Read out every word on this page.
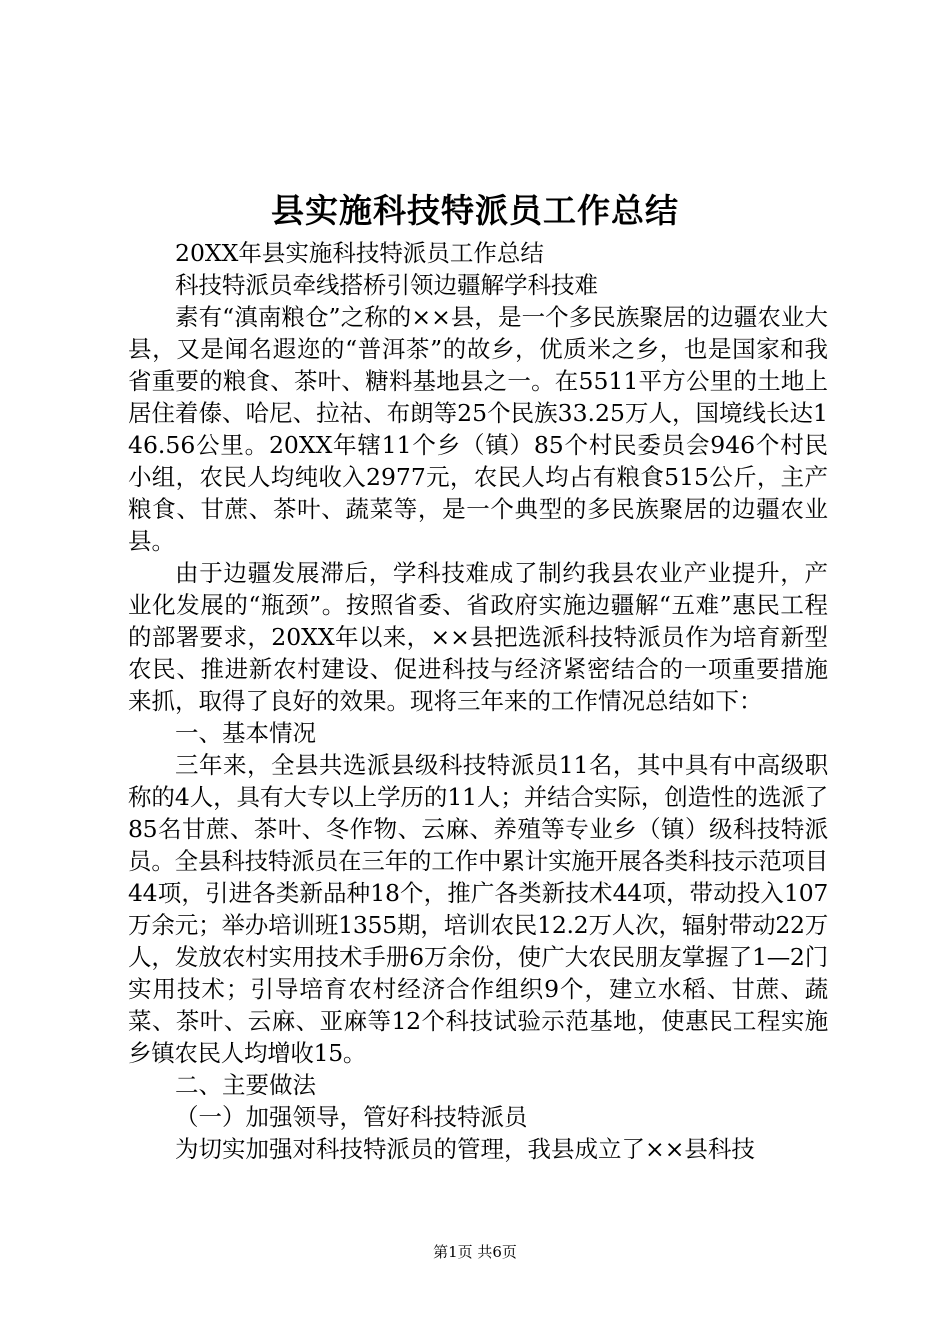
县实施科技特派员工作总结

20XX年县实施科技特派员工作总结

科技特派员牵线搭桥引领边疆解学科技难

素有“滇南粮仓”之称的××县，是一个多民族聚居的边疆农业大县，又是闻名遐迩的“普洱茶”的故乡，优质米之乡，也是国家和我省重要的粮食、茶叶、糖料基地县之一。在5511平方公里的土地上居住着傣、哈尼、拉祜、布朗等25个民族33.25万人，国境线长达146.56公里。20XX年辖11个乡（镇）85个村民委员会946个村民小组，农民人均纯收入2977元，农民人均占有粮食515公斤，主产粮食、甘蔗、茶叶、蔬菜等，是一个典型的多民族聚居的边疆农业县。

由于边疆发展滞后，学科技难成了制约我县农业产业提升，产业化发展的“瓶颈”。按照省委、省政府实施边疆解“五难”惠民工程的部署要求，20XX年以来，××县把选派科技特派员作为培育新型农民、推进新农村建设、促进科技与经济紧密结合的一项重要措施来抓，取得了良好的效果。现将三年来的工作情况总结如下：

一、基本情况

三年来，全县共选派县级科技特派员11名，其中具有中高级职称的4人，具有大专以上学历的11人；并结合实际，创造性的选派了85名甘蔗、茶叶、冬作物、云麻、养殖等专业乡（镇）级科技特派员。全县科技特派员在三年的工作中累计实施开展各类科技示范项目44项，引进各类新品种18个，推广各类新技术44项，带动投入107万余元；举办培训班1355期，培训农民12.2万人次，辐射带动22万人，发放农村实用技术手册6万余份，使广大农民朋友掌握了1—2门实用技术；引导培育农村经济合作组织9个，建立水稻、甘蔗、蔬菜、茶叶、云麻、亚麻等12个科技试验示范基地，使惠民工程实施乡镇农民人均增收15。

二、主要做法

（一）加强领导，管好科技特派员

为切实加强对科技特派员的管理，我县成立了××县科技

第1页 共6页
